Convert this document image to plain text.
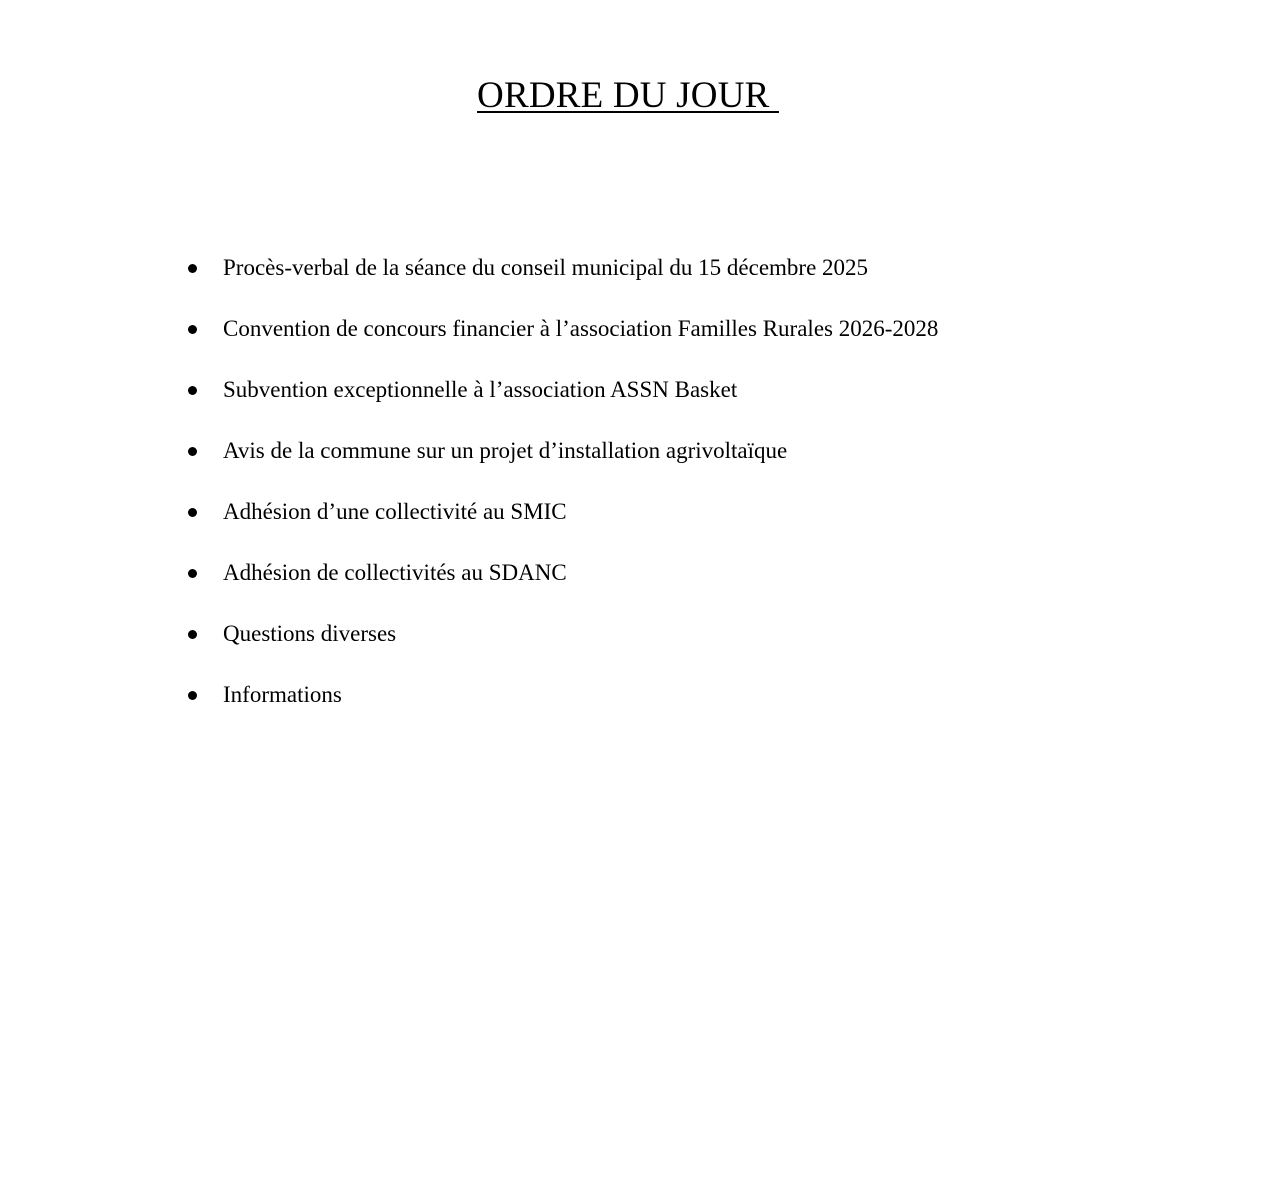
ORDRE DU JOUR
Procès-verbal de la séance du conseil municipal du 15 décembre 2025
Convention de concours financier à l’association Familles Rurales 2026-2028
Subvention exceptionnelle à l’association ASSN Basket
Avis de la commune sur un projet d’installation agrivoltaïque
Adhésion d’une collectivité au SMIC
Adhésion de collectivités au SDANC
Questions diverses
Informations
